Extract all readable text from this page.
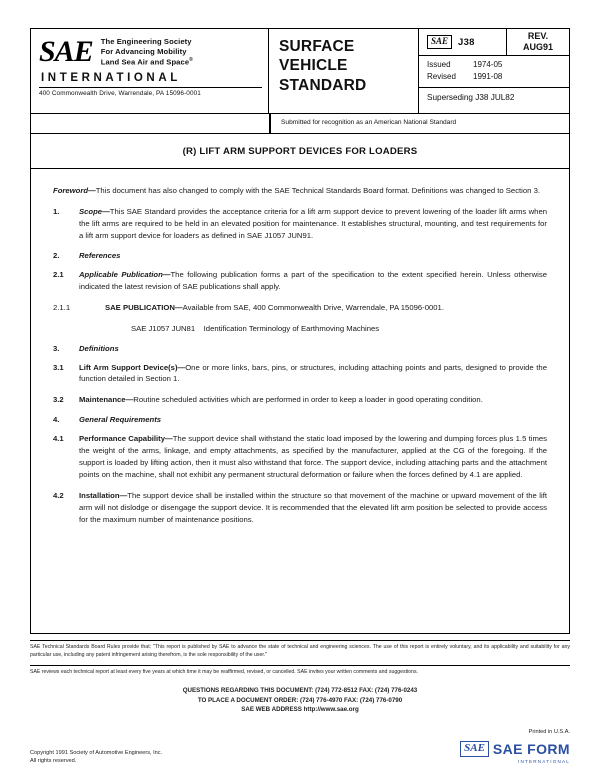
SAE The Engineering Society
For Advancing Mobility
Land Sea Air and Space®
INTERNATIONAL
400 Commonwealth Drive, Warrendale, PA 15096-0001
SURFACE
VEHICLE
STANDARD
SAE	J38
REV.
AUG91
Issued	1974-05
Revised	1991-08
Superseding J38 JUL82
Submitted for recognition as an American National Standard
(R) LIFT ARM SUPPORT DEVICES FOR LOADERS

Foreword—This document has also changed to comply with the SAE Technical Standards Board format. Definitions was changed to Section 3.

1.	Scope—This SAE Standard provides the acceptance criteria for a lift arm support device to prevent lowering of the loader lift arms when the lift arms are required to be held in an elevated position for maintenance. It establishes structural, mounting, and test requirements for a lift arm support device for loaders as defined in SAE J1057 JUN91.

2.	References

2.1 Applicable Publication—The following publication forms a part of the specification to the extent specified herein. Unless otherwise indicated the latest revision of SAE publications shall apply.

2.1.1	SAE PUBLICATION—Available from SAE, 400 Commonwealth Drive, Warrendale, PA 15096-0001.

SAE J1057 JUN81 Identification Terminology of Earthmoving Machines

3.	Definitions

3.1 Lift Arm Support Device(s)—One or more links, bars, pins, or structures, including attaching points and parts, designed to provide the function detailed in Section 1.

3.2 Maintenance—Routine scheduled activities which are performed in order to keep a loader in good operating condition.

4.	General Requirements

4.1 Performance Capability—The support device shall withstand the static load imposed by the lowering and dumping forces plus 1.5 times the weight of the arms, linkage, and empty attachments, as specified by the manufacturer, applied at the CG of the foregoing. If the support is loaded by lifting action, then it must also withstand that force. The support device, including attaching parts and the attachment points on the machine, shall not exhibit any permanent structural deformation or failure when the forces defined by 4.1 are applied.

4.2 Installation—The support device shall be installed within the structure so that movement of the machine or upward movement of the lift arm will not dislodge or disengage the support device. It is recommended that the elevated lift arm position be selected to provide access for the maximum number of maintenance positions.

SAE Technical Standards Board Rules provide that: "This report is published by SAE to advance the state of technical and engineering sciences. The use of this report is entirely voluntary, and its applicability and suitability for any particular use, including any patent infringement arising therefrom, is the sole responsibility of the user."
SAE reviews each technical report at least every five years at which time it may be reaffirmed, revised, or cancelled. SAE invites your written comments and suggestions.
QUESTIONS REGARDING THIS DOCUMENT: (724) 772-8512 FAX: (724) 776-0243
TO PLACE A DOCUMENT ORDER: (724) 776-4970 FAX: (724) 776-0790
SAE WEB ADDRESS http://www.sae.org
Copyright 1991 Society of Automotive Engineers, Inc.
All rights reserved.
Printed in U.S.A.
SAE SAE FORM
INTERNATIONAL
